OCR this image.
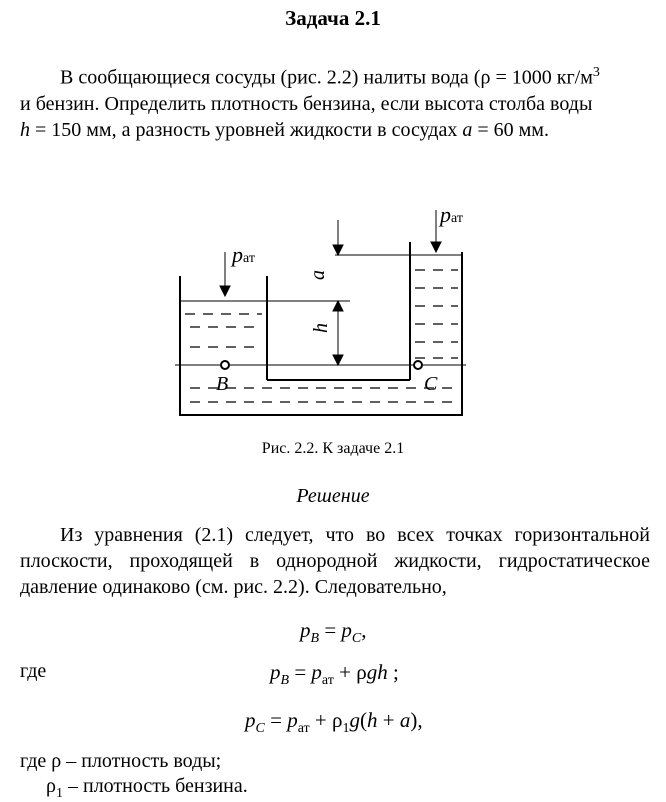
Задача 2.1
В сообщающиеся сосуды (рис. 2.2) налиты вода (ρ = 1000 $кг/м^3$
и бензин. Определить плотность бензина, если высота столба воды
h = 150 мм, а разность уровней жидкости в сосудах a = 60 мм.
pат
pат
a
h
B	C
Рис. 2.2. К задаче 2.1
Решение
Из уравнения (2.1) следует, что во всех точках горизонтальной плоскости, проходящей в однородной жидкости, гидростатическое давление одинаково (см. рис. 2.2). Следовательно,
$p_B = p_C$,
где	$p_B = p_{ат} + \rho gh$ ;
$p_C = p_{ат} + \rho_1g(h + a)$,
где ρ – плотность воды;
$\rho_1$ – плотность бензина.
